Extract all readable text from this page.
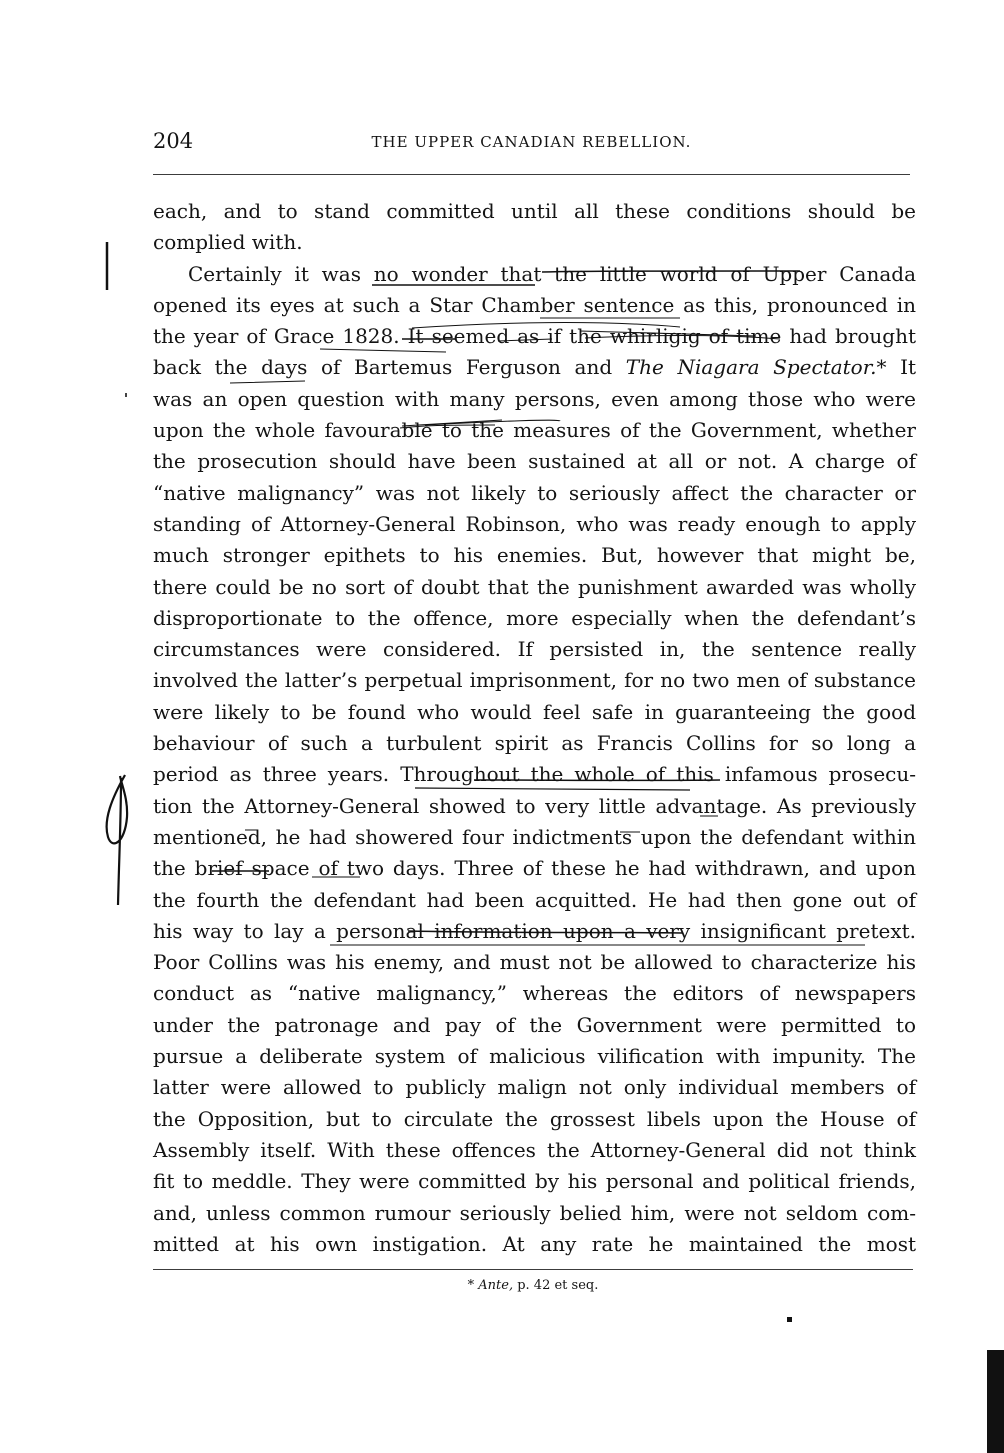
204	THE UPPER CANADIAN REBELLION.
each, and to stand committed until all these conditions should be
complied with.
Certainly it was no wonder that the little world of Upper Canada
opened its eyes at such a Star Chamber sentence as this, pronounced in
the year of Grace 1828. It seemed as if the whirligig of time had brought
back the days of Bartemus Ferguson and The Niagara Spectator.* It
was an open question with many persons, even among those who were
upon the whole favourable to the measures of the Government, whether
the prosecution should have been sustained at all or not. A charge of
“native malignancy” was not likely to seriously affect the character or
standing of Attorney-General Robinson, who was ready enough to apply
much stronger epithets to his enemies. But, however that might be,
there could be no sort of doubt that the punishment awarded was wholly
disproportionate to the offence, more especially when the defendant’s
circumstances were considered. If persisted in, the sentence really
involved the latter’s perpetual imprisonment, for no two men of substance
were likely to be found who would feel safe in guaranteeing the good
behaviour of such a turbulent spirit as Francis Collins for so long a
period as three years. Throughout the whole of this infamous prosecu-
tion the Attorney-General showed to very little advantage. As previously
mentioned, he had showered four indictments upon the defendant within
the brief space of two days. Three of these he had withdrawn, and upon
the fourth the defendant had been acquitted. He had then gone out of
his way to lay a personal information upon a very insignificant pretext.
Poor Collins was his enemy, and must not be allowed to characterize his
conduct as “native malignancy,” whereas the editors of newspapers
under the patronage and pay of the Government were permitted to
pursue a deliberate system of malicious vilification with impunity. The
latter were allowed to publicly malign not only individual members of
the Opposition, but to circulate the grossest libels upon the House of
Assembly itself. With these offences the Attorney-General did not think
fit to meddle. They were committed by his personal and political friends,
and, unless common rumour seriously belied him, were not seldom com-
mitted at his own instigation. At any rate he maintained the most
* Ante, p. 42 et seq.
